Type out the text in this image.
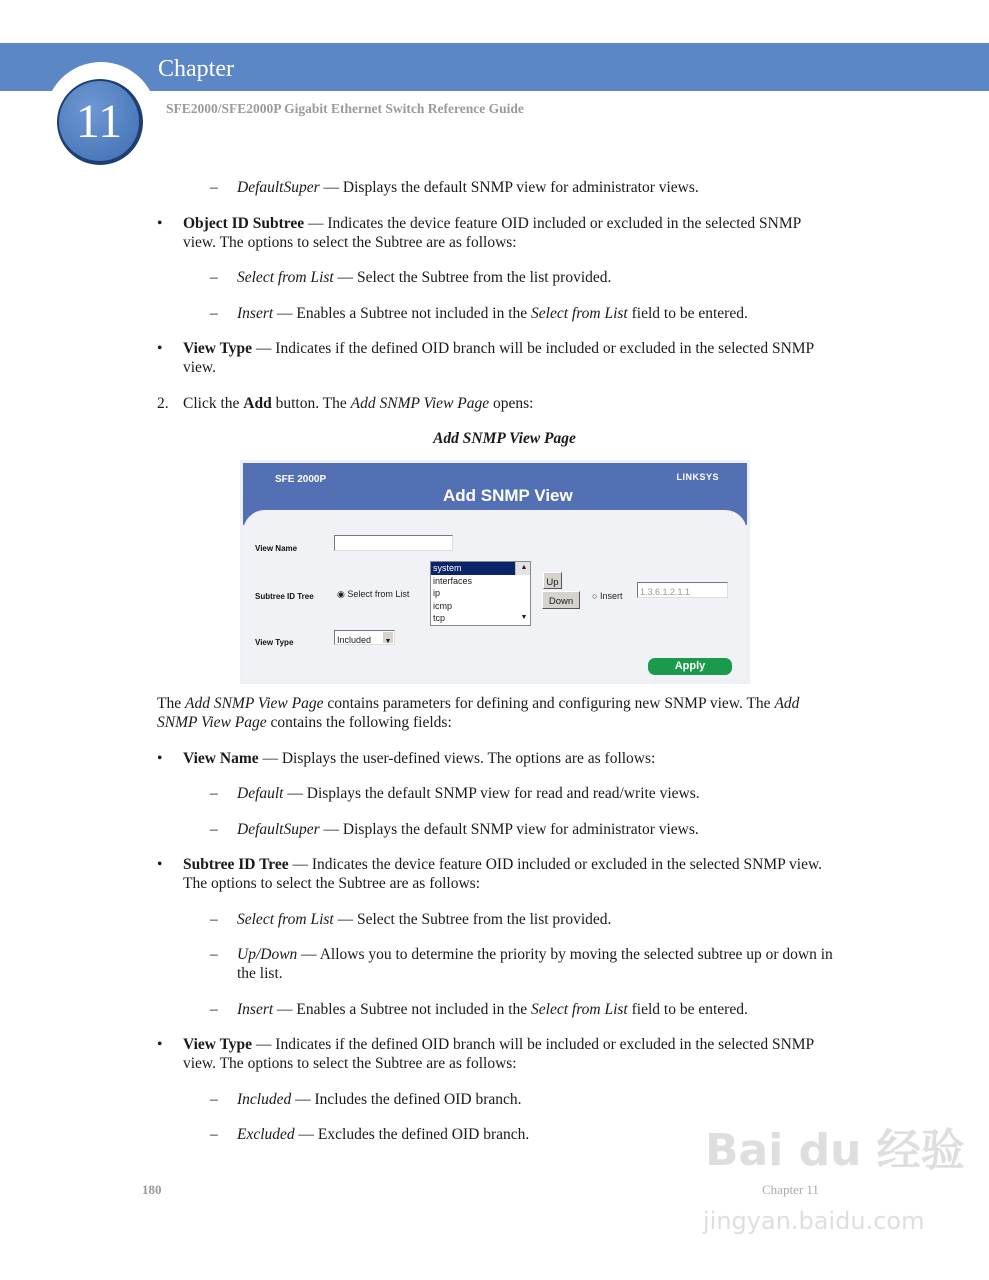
11
Chapter
SFE2000/SFE2000P Gigabit Ethernet Switch Reference Guide
– DefaultSuper — Displays the default SNMP view for administrator views.
• Object ID Subtree — Indicates the device feature OID included or excluded in the selected SNMP view. The options to select the Subtree are as follows:
– Select from List — Select the Subtree from the list provided.
– Insert — Enables a Subtree not included in the Select from List field to be entered.
• View Type — Indicates if the defined OID branch will be included or excluded in the selected SNMP view.
2. Click the Add button. The Add SNMP View Page opens:
Add SNMP View Page
SFE 2000P	LINKSYS
Add SNMP View
View Name
Subtree ID Tree	◉ Select from List
system
interfaces
ip
icmp
tcp
▲

▼
Up
Down	○ Insert	1.3.6.1.2.1.1
View Type	Included ▼
Apply
The Add SNMP View Page contains parameters for defining and configuring new SNMP view. The Add SNMP View Page contains the following fields:
• View Name — Displays the user-defined views. The options are as follows:
– Default — Displays the default SNMP view for read and read/write views.
– DefaultSuper — Displays the default SNMP view for administrator views.
• Subtree ID Tree — Indicates the device feature OID included or excluded in the selected SNMP view. The options to select the Subtree are as follows:
– Select from List — Select the Subtree from the list provided.
– Up/Down — Allows you to determine the priority by moving the selected subtree up or down in the list.
– Insert — Enables a Subtree not included in the Select from List field to be entered.
• View Type — Indicates if the defined OID branch will be included or excluded in the selected SNMP view. The options to select the Subtree are as follows:
– Included — Includes the defined OID branch.
– Excluded — Excludes the defined OID branch.
180	Chapter 11
Bai du 经验
jingyan.baidu.com
